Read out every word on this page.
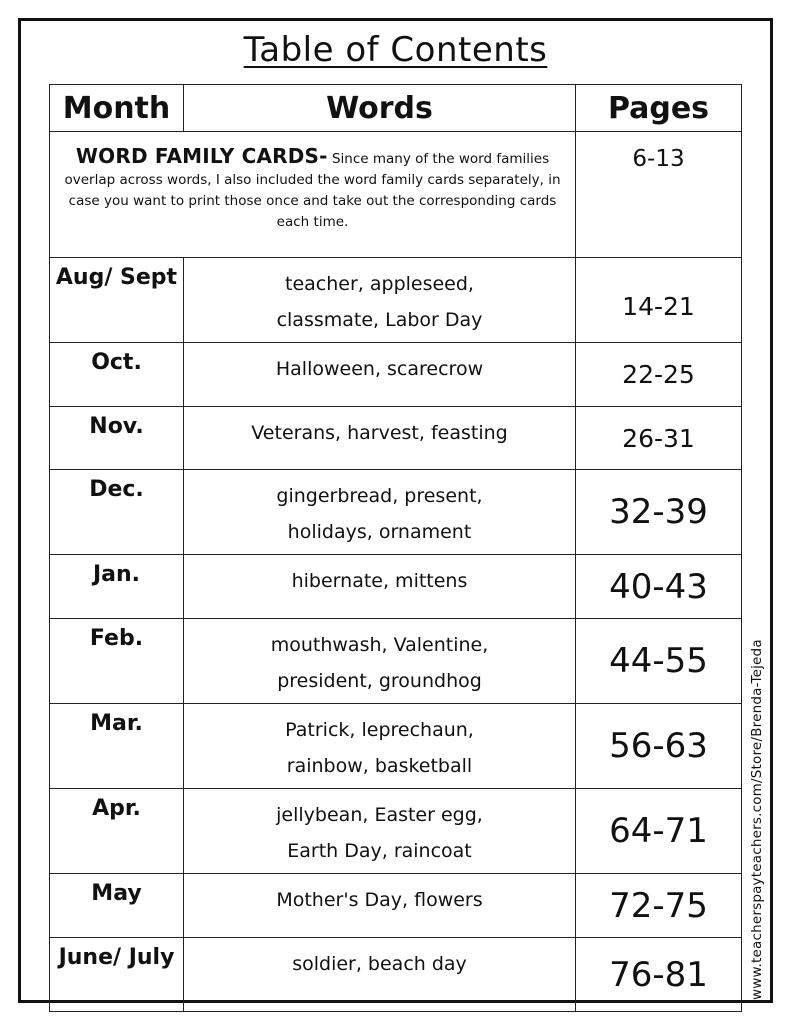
Table of Contents
Month	Words	Pages
WORD FAMILY CARDS- Since many of the word families overlap across words, I also included the word family cards separately, in case you want to print those once and take out the corresponding cards each time.		6-13
Aug/ Sept	teacher, appleseed,
classmate, Labor Day	14-21

Oct.	Halloween, scarecrow	22-25

Nov.	Veterans, harvest, feasting	26-31

Dec.	gingerbread, present,
holidays, ornament	32-39

Jan.	hibernate, mittens	40-43

Feb.	mouthwash, Valentine,
president, groundhog	44-55

Mar.	Patrick, leprechaun,
rainbow, basketball	56-63

Apr.	jellybean, Easter egg,
Earth Day, raincoat	64-71

May	Mother's Day, flowers	72-75

June/ July	soldier, beach day	76-81	www.teacherspayteachers.com/Store/Brenda-Tejeda
